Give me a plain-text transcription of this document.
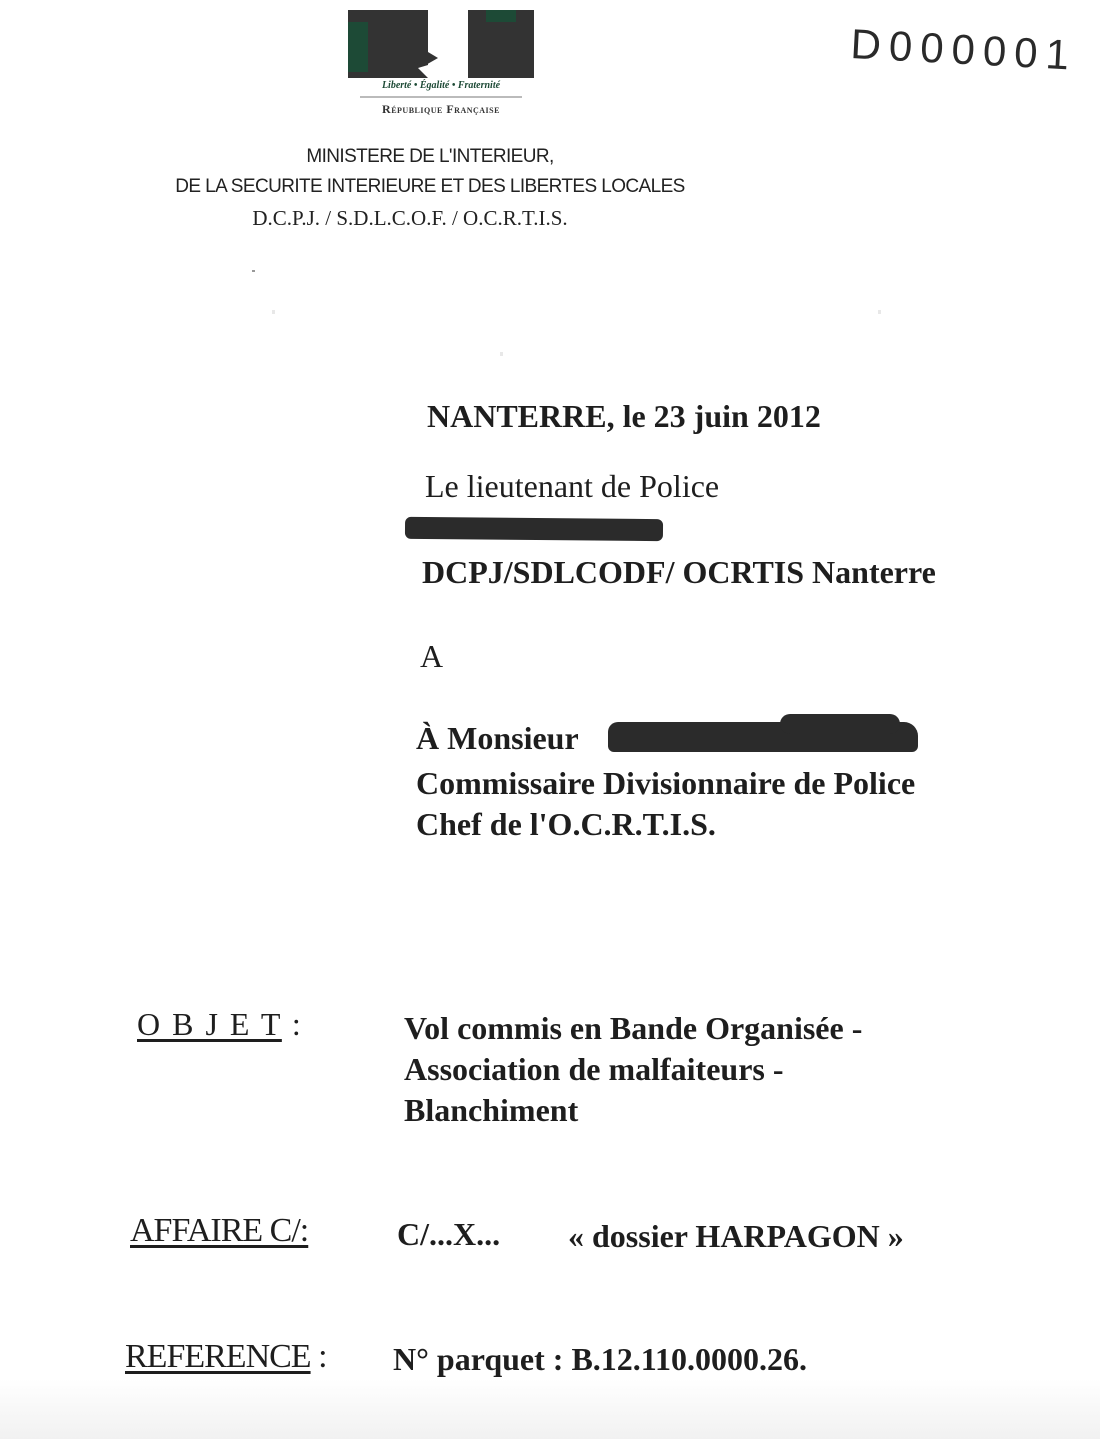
Liberté • Égalité • Fraternité
République Française
MINISTERE DE L'INTERIEUR,
DE LA SECURITE INTERIEURE ET DES LIBERTES LOCALES
D.C.P.J. / S.D.L.C.O.F. / O.C.R.T.I.S.
D000001
NANTERRE, le 23 juin 2012
Le lieutenant de Police
DCPJ/SDLCODF/ OCRTIS Nanterre
A
À Monsieur
Commissaire Divisionnaire de Police
Chef de l'O.C.R.T.I.S.
O B J E T :	Vol commis en Bande Organisée -
Association de malfaiteurs -
Blanchiment
AFFAIRE C/:	C/...X... « dossier HARPAGON »
REFERENCE : N° parquet : B.12.110.0000.26.
